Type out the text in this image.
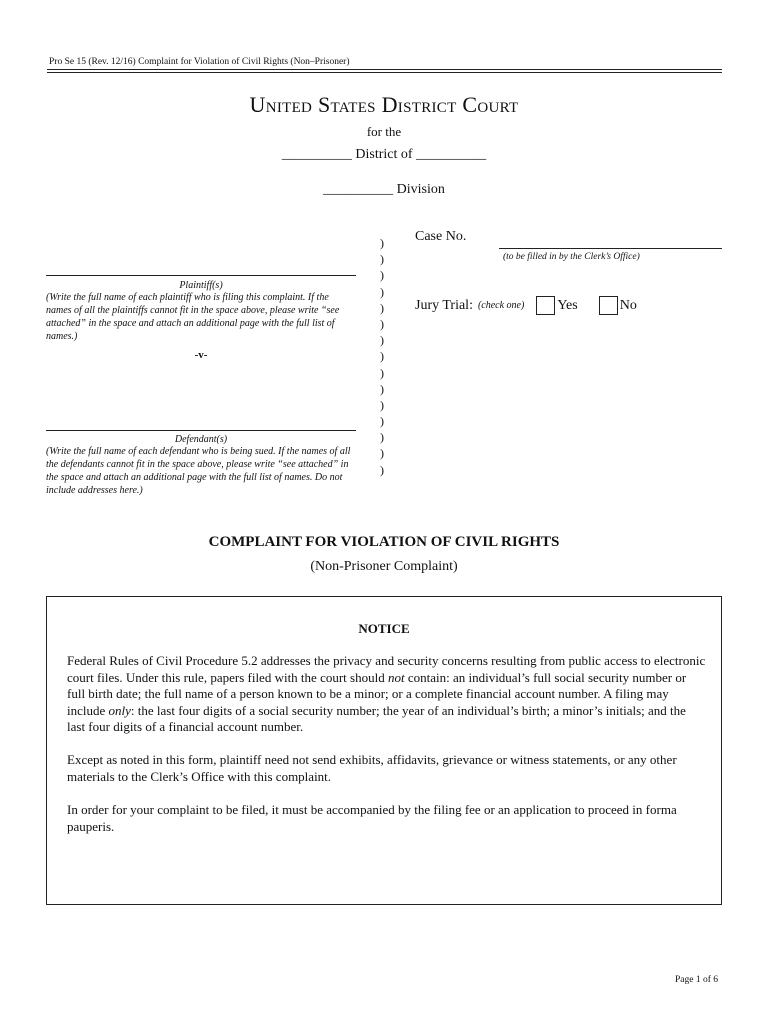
Pro Se 15 (Rev. 12/16) Complaint for Violation of Civil Rights (Non–Prisoner)
United States District Court
for the
__________ District of __________
__________ Division
Plaintiff(s)
(Write the full name of each plaintiff who is filing this complaint. If the names of all the plaintiffs cannot fit in the space above, please write “see attached” in the space and attach an additional page with the full list of names.)
-v-
Defendant(s)
(Write the full name of each defendant who is being sued. If the names of all the defendants cannot fit in the space above, please write “see attached” in the space and attach an additional page with the full list of names. Do not include addresses here.)
)
)
)
)
)
)
)
)
)
)
)
)
)
)
)
Case No.
(to be filled in by the Clerk’s Office)
Jury Trial: (check one) Yes	No
COMPLAINT FOR VIOLATION OF CIVIL RIGHTS
(Non-Prisoner Complaint)
NOTICE
Federal Rules of Civil Procedure 5.2 addresses the privacy and security concerns resulting from public access to electronic court files. Under this rule, papers filed with the court should not contain: an individual’s full social security number or full birth date; the full name of a person known to be a minor; or a complete financial account number. A filing may include only: the last four digits of a social security number; the year of an individual’s birth; a minor’s initials; and the last four digits of a financial account number.
Except as noted in this form, plaintiff need not send exhibits, affidavits, grievance or witness statements, or any other materials to the Clerk’s Office with this complaint.
In order for your complaint to be filed, it must be accompanied by the filing fee or an application to proceed in forma pauperis.
Page 1 of 6
